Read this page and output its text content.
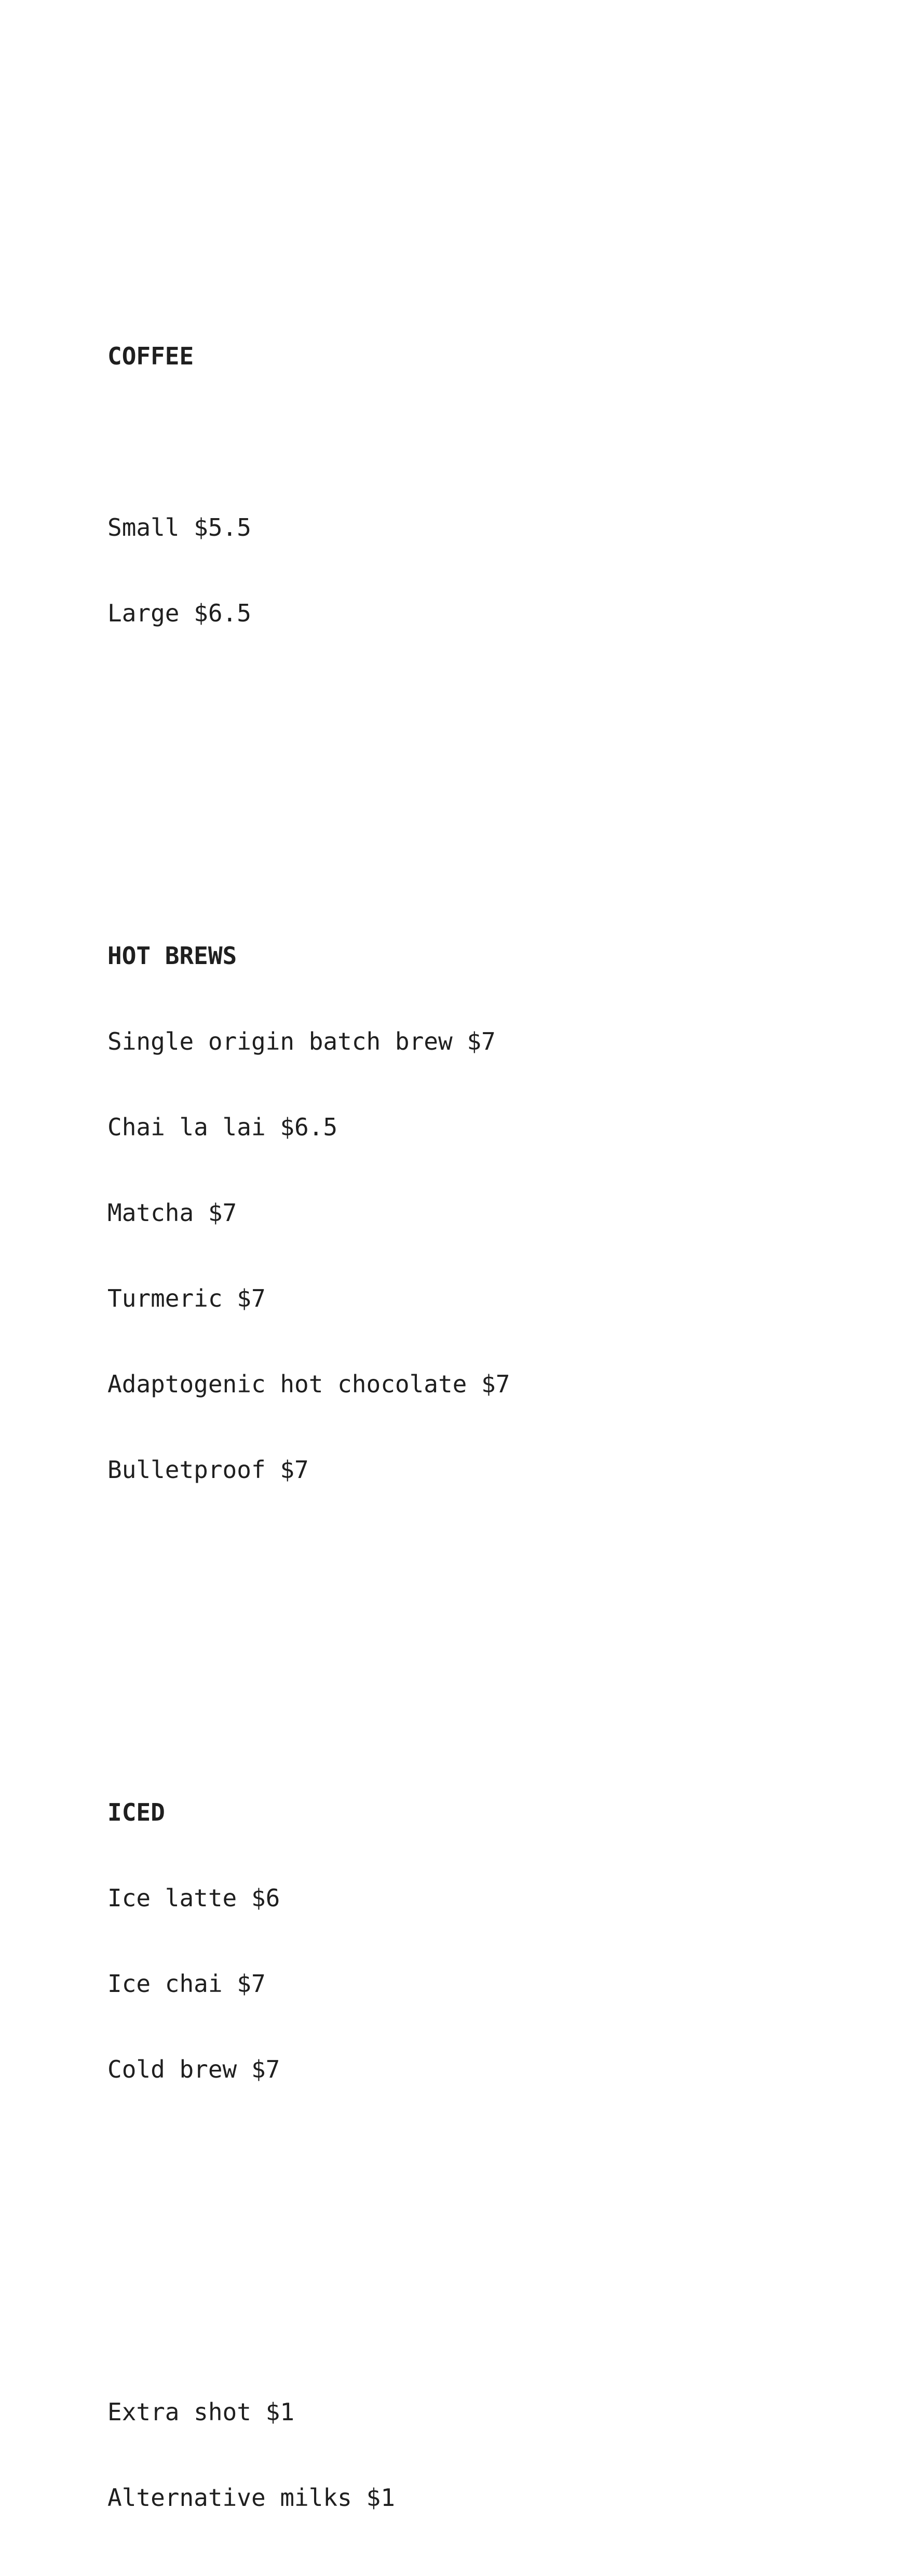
COFFEE

Small $5.5

Large $6.5

HOT BREWS

Single origin batch brew $7

Chai la lai $6.5

Matcha $7

Turmeric $7

Adaptogenic hot chocolate $7

Bulletproof $7

ICED

Ice latte $6

Ice chai $7

Cold brew $7

Extra shot $1

Alternative milks $1
